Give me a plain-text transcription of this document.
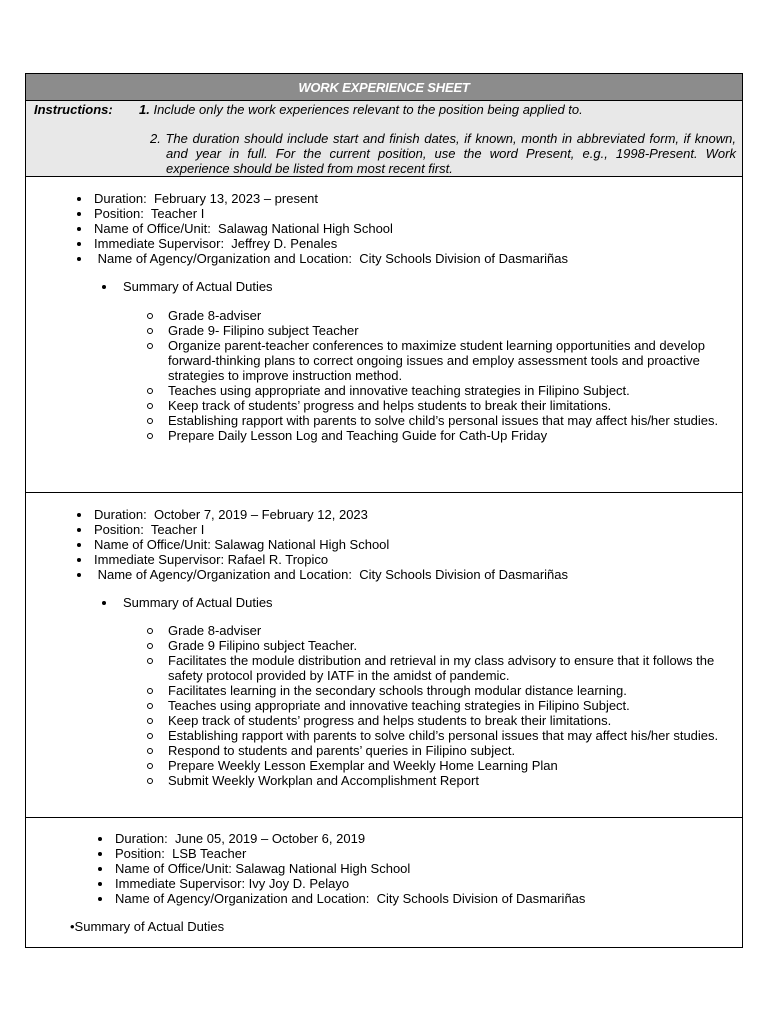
WORK EXPERIENCE SHEET
Instructions: 1. Include only the work experiences relevant to the position being applied to.
2. The duration should include start and finish dates, if known, month in abbreviated form, if known, and year in full. For the current position, use the word Present, e.g., 1998-Present. Work experience should be listed from most recent first.
Duration:  February 13, 2023 – present
Position:  Teacher I
Name of Office/Unit:  Salawag National High School
Immediate Supervisor:  Jeffrey D. Penales
Name of Agency/Organization and Location:  City Schools Division of Dasmariñas
Summary of Actual Duties
Grade 8-adviser
Grade 9- Filipino subject Teacher
Organize parent-teacher conferences to maximize student learning opportunities and develop forward-thinking plans to correct ongoing issues and employ assessment tools and proactive strategies to improve instruction method.
Teaches using appropriate and innovative teaching strategies in Filipino Subject.
Keep track of students’ progress and helps students to break their limitations.
Establishing rapport with parents to solve child’s personal issues that may affect his/her studies.
Prepare Daily Lesson Log and Teaching Guide for Cath-Up Friday
Duration:  October 7, 2019 – February 12, 2023
Position:  Teacher I
Name of Office/Unit: Salawag National High School
Immediate Supervisor: Rafael R. Tropico
Name of Agency/Organization and Location:  City Schools Division of Dasmariñas
Summary of Actual Duties
Grade 8-adviser
Grade 9 Filipino subject Teacher.
Facilitates the module distribution and retrieval in my class advisory to ensure that it follows the safety protocol provided by IATF in the amidst of pandemic.
Facilitates learning in the secondary schools through modular distance learning.
Teaches using appropriate and innovative teaching strategies in Filipino Subject.
Keep track of students’ progress and helps students to break their limitations.
Establishing rapport with parents to solve child’s personal issues that may affect his/her studies.
Respond to students and parents’ queries in Filipino subject.
Prepare Weekly Lesson Exemplar and Weekly Home Learning Plan
Submit Weekly Workplan and Accomplishment Report
Duration:  June 05, 2019 – October 6, 2019
Position:  LSB Teacher
Name of Office/Unit: Salawag National High School
Immediate Supervisor: Ivy Joy D. Pelayo
Name of Agency/Organization and Location:  City Schools Division of Dasmariñas
•Summary of Actual Duties
